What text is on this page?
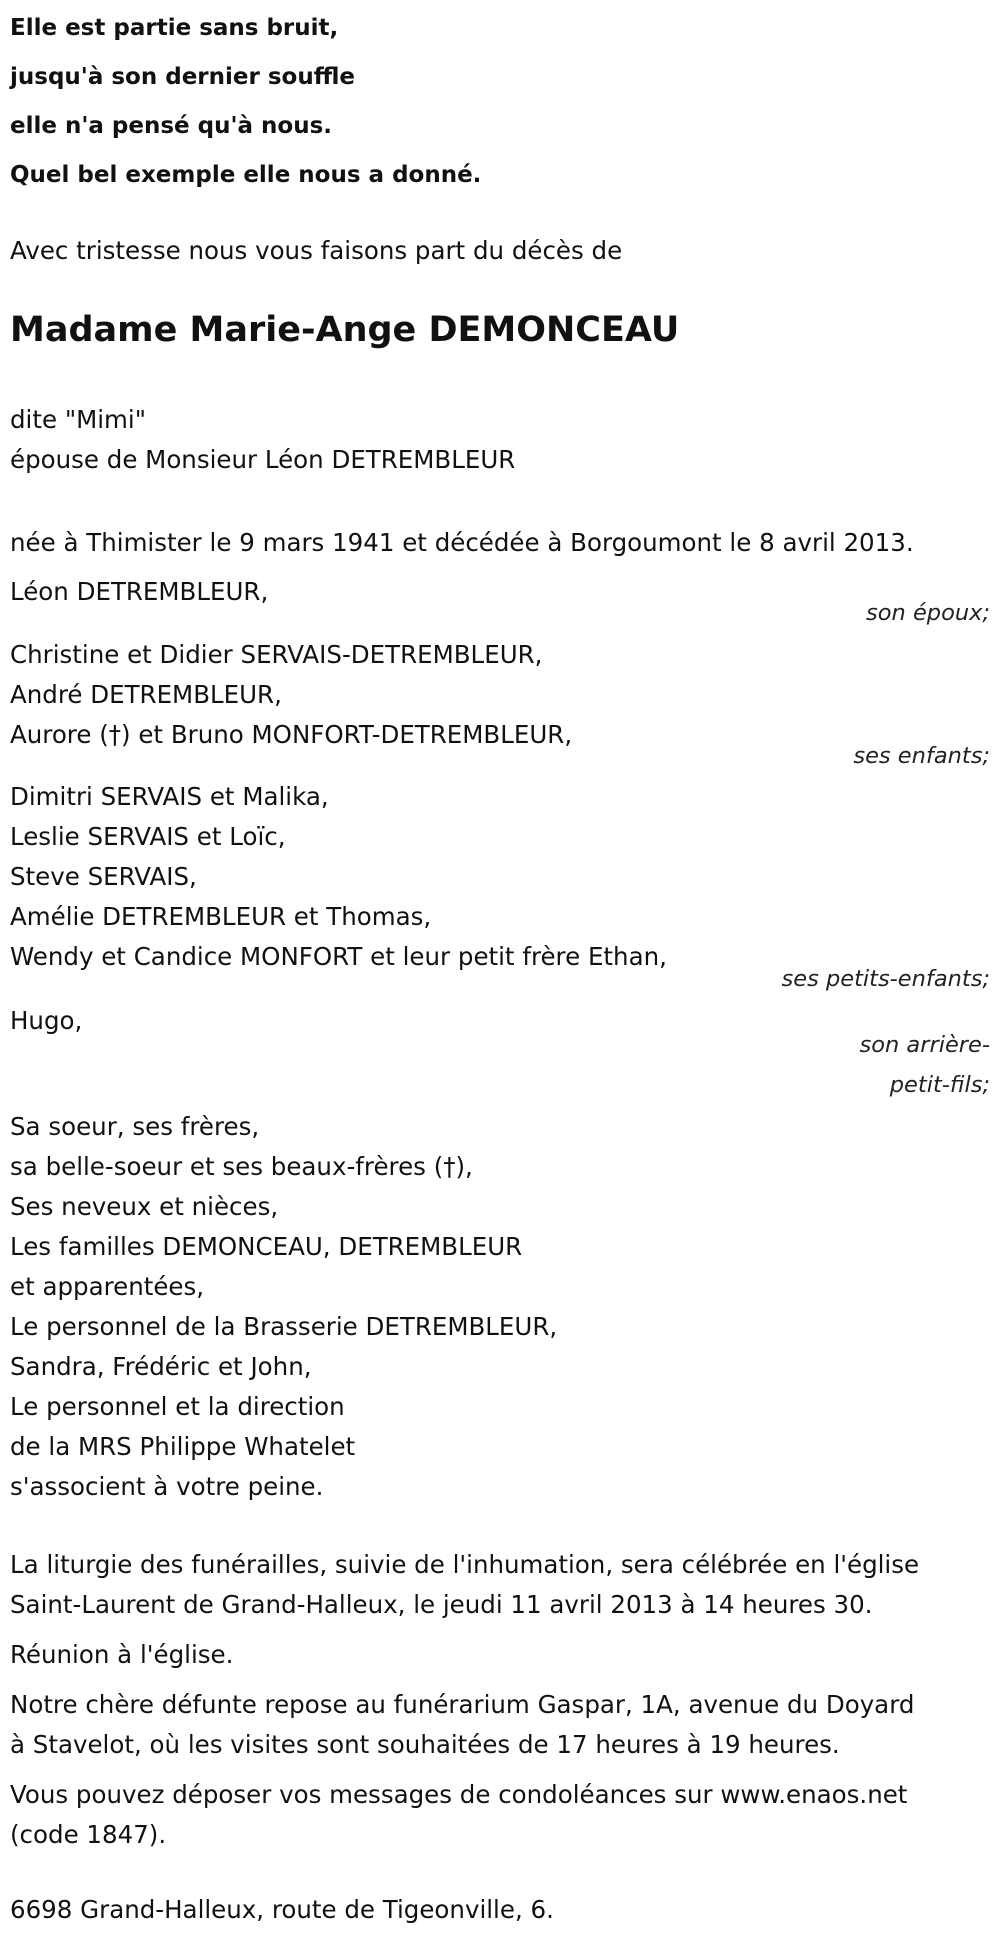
Elle est partie sans bruit,
jusqu'à son dernier souffle
elle n'a pensé qu'à nous.
Quel bel exemple elle nous a donné.
Avec tristesse nous vous faisons part du décès de
Madame Marie-Ange DEMONCEAU
dite "Mimi"
épouse de Monsieur Léon DETREMBLEUR
née à Thimister le 9 mars 1941 et décédée à Borgoumont le 8 avril 2013.
Léon DETREMBLEUR,
son époux;
Christine et Didier SERVAIS-DETREMBLEUR,
André DETREMBLEUR,
Aurore (†) et Bruno MONFORT-DETREMBLEUR,
ses enfants;
Dimitri SERVAIS et Malika,
Leslie SERVAIS et Loïc,
Steve SERVAIS,
Amélie DETREMBLEUR et Thomas,
Wendy et Candice MONFORT et leur petit frère Ethan,
ses petits-enfants;
Hugo,
son arrière-
petit-fils;
Sa soeur, ses frères,
sa belle-soeur et ses beaux-frères (†),
Ses neveux et nièces,
Les familles DEMONCEAU, DETREMBLEUR
et apparentées,
Le personnel de la Brasserie DETREMBLEUR,
Sandra, Frédéric et John,
Le personnel et la direction
de la MRS Philippe Whatelet
s'associent à votre peine.
La liturgie des funérailles, suivie de l'inhumation, sera célébrée en l'église
Saint-Laurent de Grand-Halleux, le jeudi 11 avril 2013 à 14 heures 30.
Réunion à l'église.
Notre chère défunte repose au funérarium Gaspar, 1A, avenue du Doyard
à Stavelot, où les visites sont souhaitées de 17 heures à 19 heures.
Vous pouvez déposer vos messages de condoléances sur www.enaos.net
(code 1847).
6698 Grand-Halleux, route de Tigeonville, 6.
